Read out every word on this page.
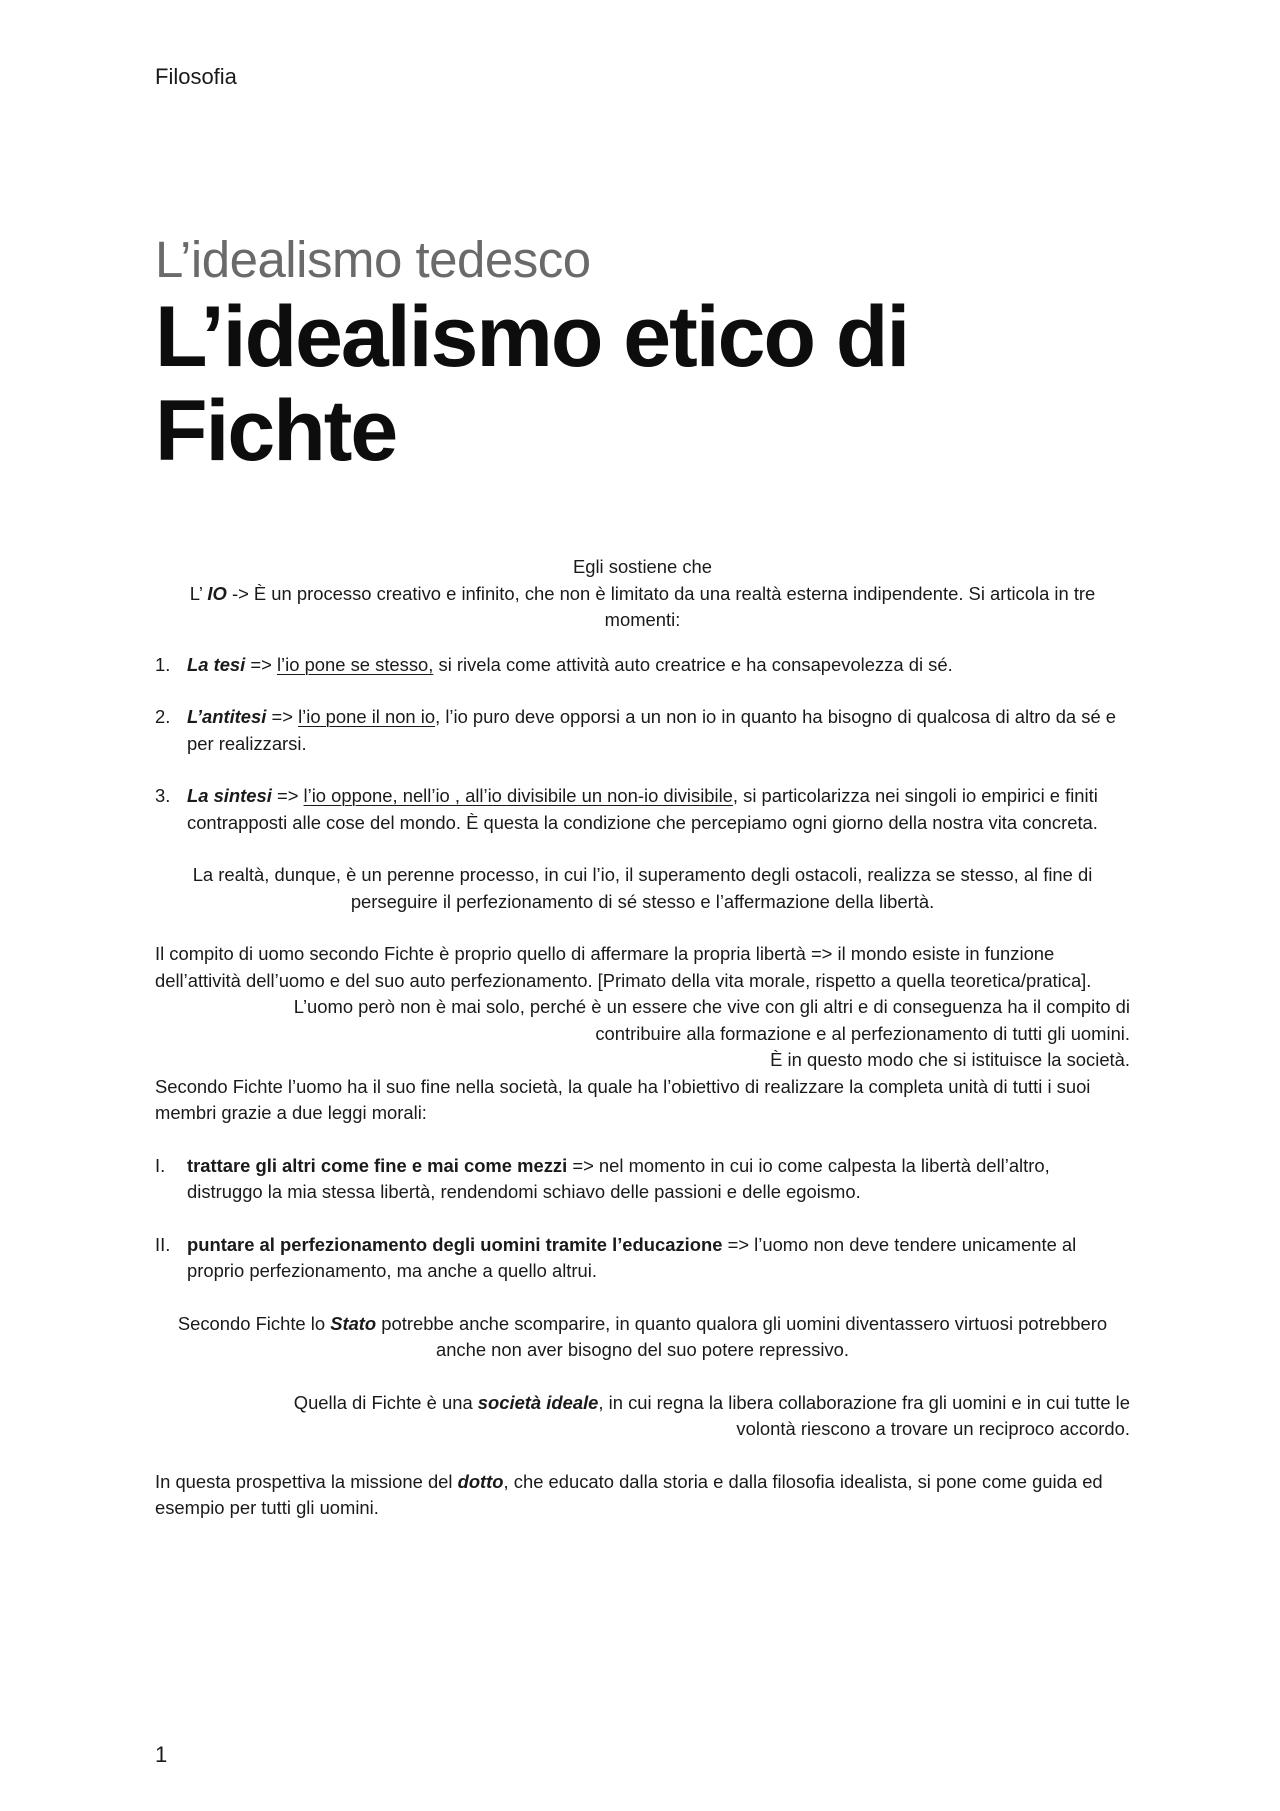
Filosofia
L’idealismo tedesco
L’idealismo etico di Fichte
Egli sostiene che
L’ IO -> È un processo creativo e infinito, che non è limitato da una realtà esterna indipendente. Si articola in tre momenti:
1. La tesi => l’io pone se stesso, si rivela come attività auto creatrice e ha consapevolezza di sé.
2. L’antitesi => l’io pone il non io, l’io puro deve opporsi a un non io in quanto ha bisogno di qualcosa di altro da sé e per realizzarsi.
3. La sintesi => l’io oppone, nell’io , all’io divisibile un non-io divisibile, si particolarizza nei singoli io empirici e finiti contrapposti alle cose del mondo. È questa la condizione che percepiamo ogni giorno della nostra vita concreta.
La realtà, dunque, è un perenne processo, in cui l’io, il superamento degli ostacoli, realizza se stesso, al fine di perseguire il perfezionamento di sé stesso e l’affermazione della libertà.
Il compito di uomo secondo Fichte è proprio quello di affermare la propria libertà => il mondo esiste in funzione dell’attività dell’uomo e del suo auto perfezionamento. [Primato della vita morale, rispetto a quella teoretica/pratica].
L’uomo però non è mai solo, perché è un essere che vive con gli altri e di conseguenza ha il compito di
contribuire alla formazione e al perfezionamento di tutti gli uomini.
È in questo modo che si istituisce la società.
Secondo Fichte l’uomo ha il suo fine nella società, la quale ha l’obiettivo di realizzare la completa unità di tutti i suoi membri grazie a due leggi morali:
I. trattare gli altri come fine e mai come mezzi => nel momento in cui io come calpesta la libertà dell’altro, distruggo la mia stessa libertà, rendendomi schiavo delle passioni e delle egoismo.
II. puntare al perfezionamento degli uomini tramite l’educazione => l’uomo non deve tendere unicamente al proprio perfezionamento, ma anche a quello altrui.
Secondo Fichte lo Stato potrebbe anche scomparire, in quanto qualora gli uomini diventassero virtuosi potrebbero anche non aver bisogno del suo potere repressivo.
Quella di Fichte è una società ideale, in cui regna la libera collaborazione fra gli uomini e in cui tutte le
volontà riescono a trovare un reciproco accordo.
In questa prospettiva la missione del dotto, che educato dalla storia e dalla filosofia idealista, si pone come guida ed esempio per tutti gli uomini.
1
